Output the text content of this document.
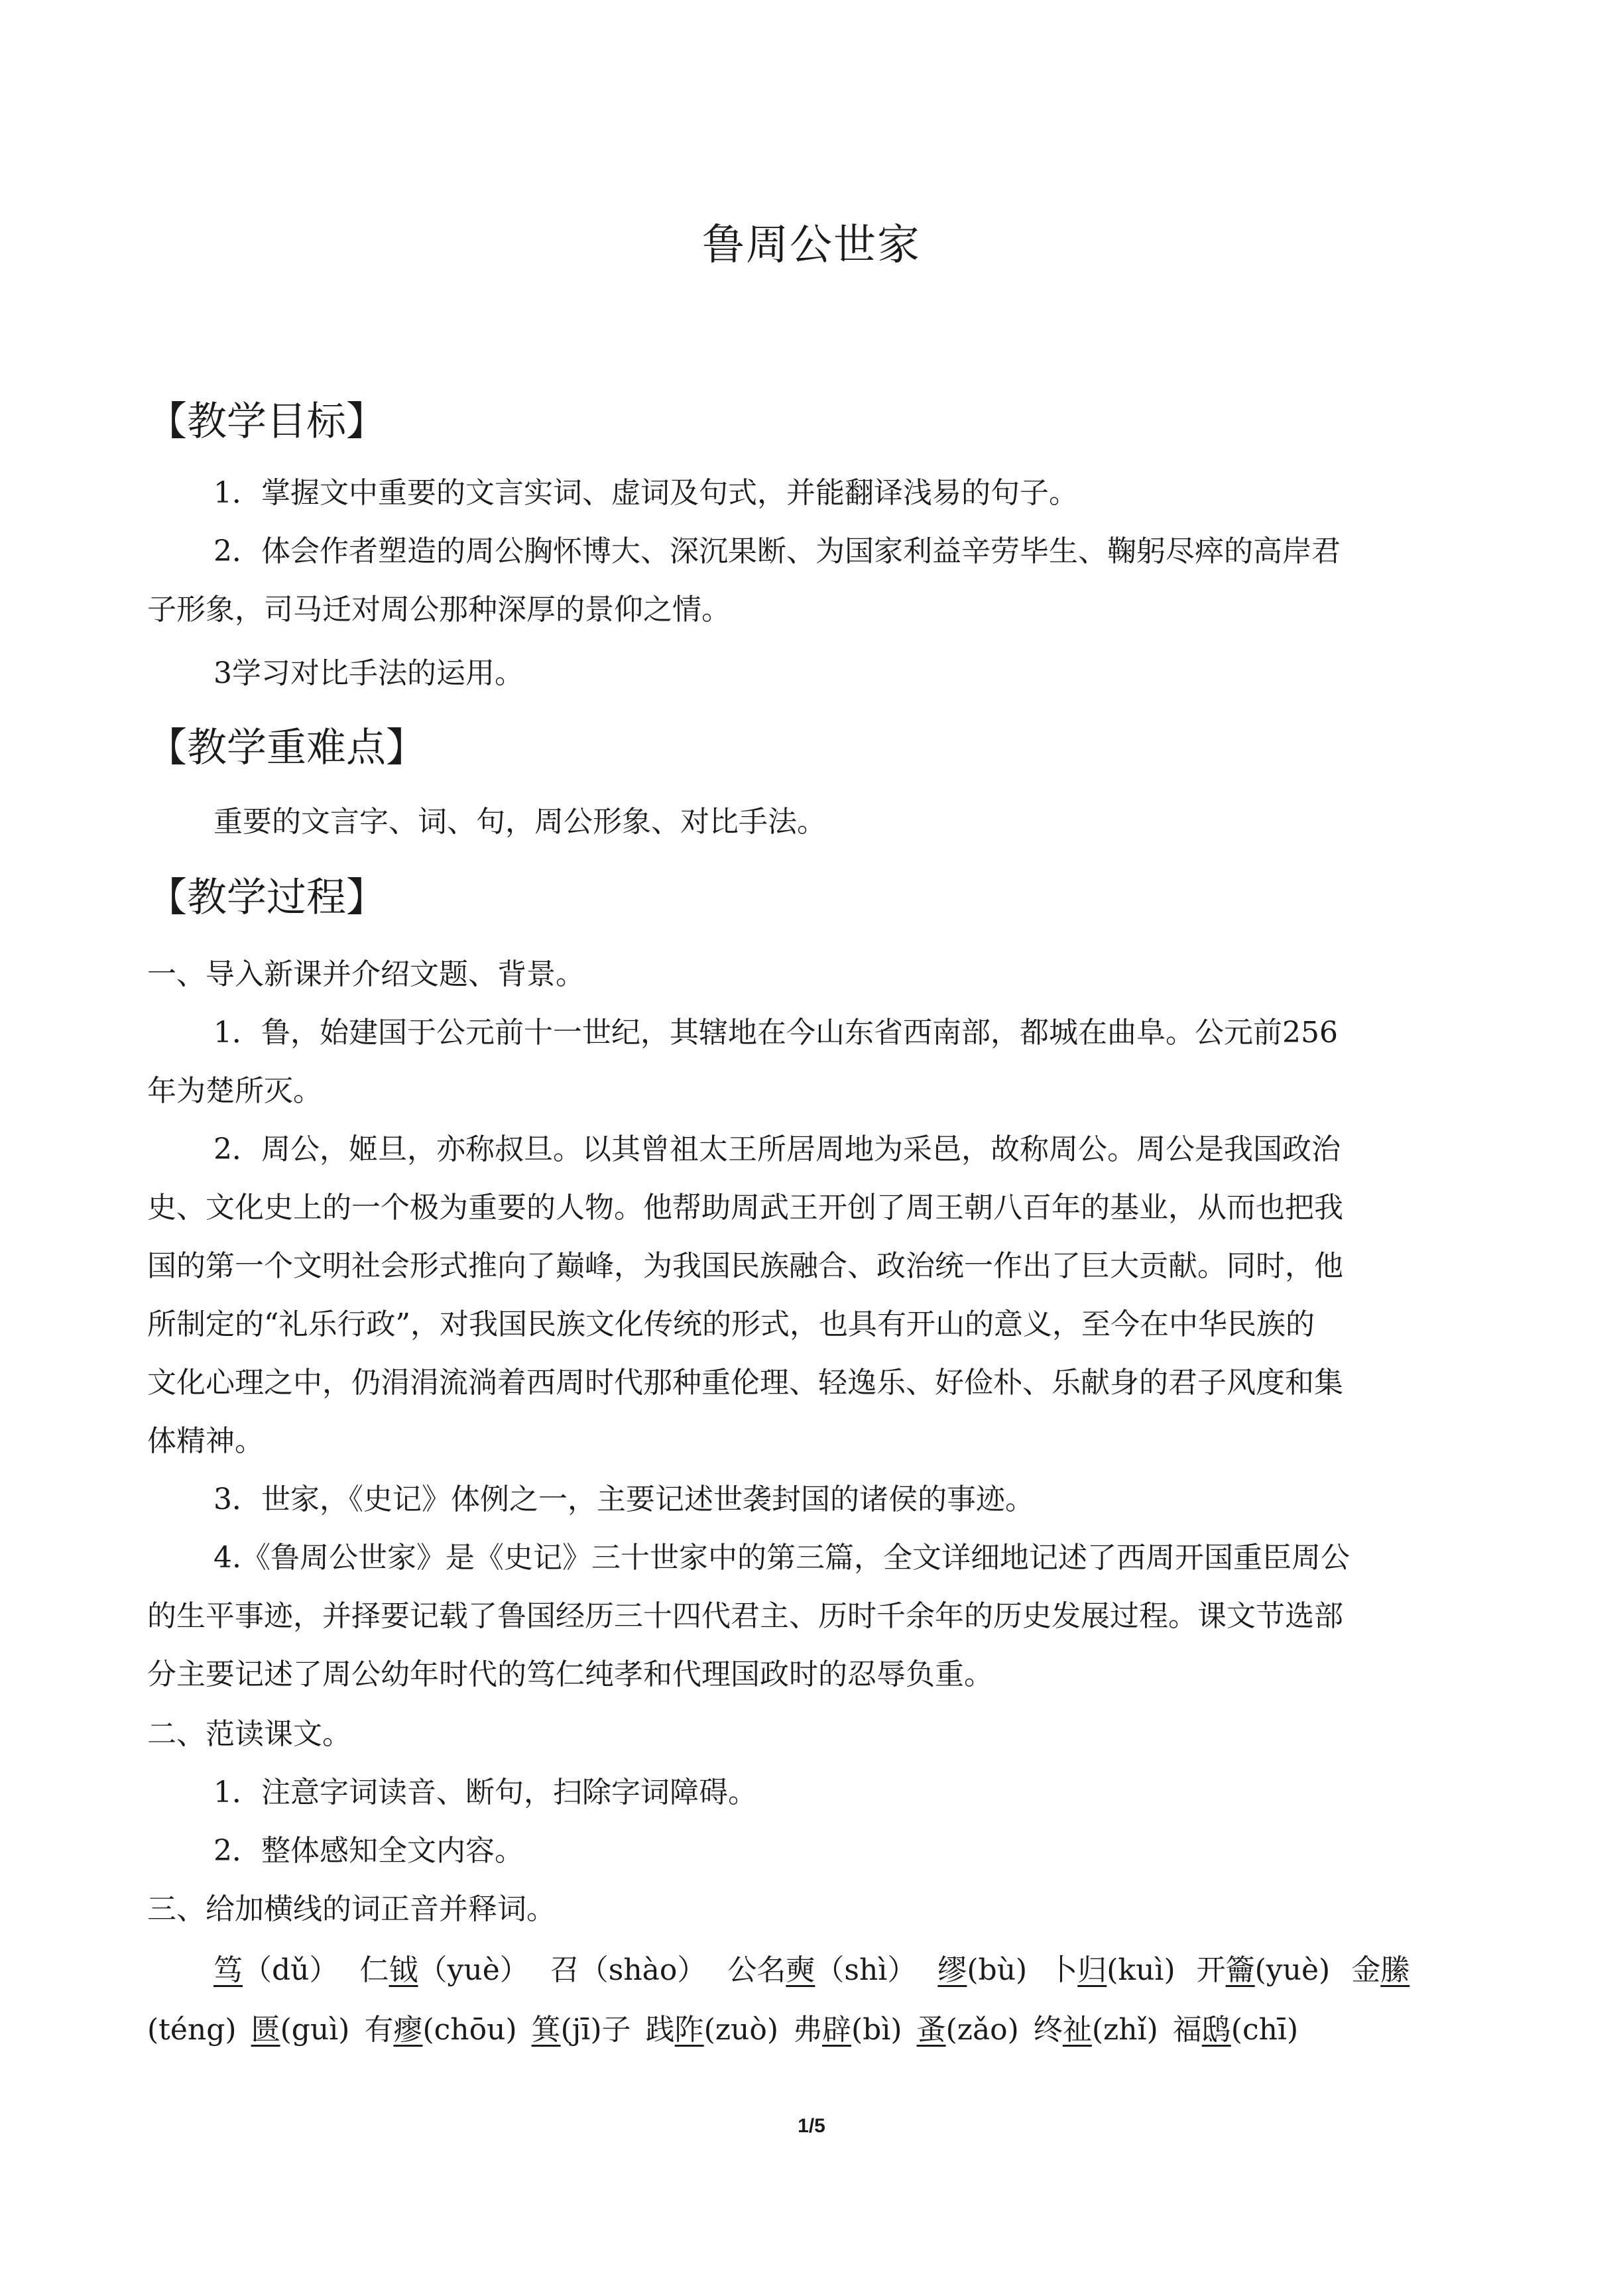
鲁周公世家
【教学目标】
1．掌握文中重要的文言实词、虚词及句式，并能翻译浅易的句子。
2．体会作者塑造的周公胸怀博大、深沉果断、为国家利益辛劳毕生、鞠躬尽瘁的高岸君
子形象，司马迁对周公那种深厚的景仰之情。
3学习对比手法的运用。
【教学重难点】
重要的文言字、词、句，周公形象、对比手法。
【教学过程】
一、导入新课并介绍文题、背景。
1．鲁，始建国于公元前十一世纪，其辖地在今山东省西南部，都城在曲阜。公元前256
年为楚所灭。
2．周公，姬旦，亦称叔旦。以其曾祖太王所居周地为采邑，故称周公。周公是我国政治
史、文化史上的一个极为重要的人物。他帮助周武王开创了周王朝八百年的基业，从而也把我
国的第一个文明社会形式推向了巅峰，为我国民族融合、政治统一作出了巨大贡献。同时，他
所制定的“礼乐行政”，对我国民族文化传统的形式，也具有开山的意义，至今在中华民族的
文化心理之中，仍涓涓流淌着西周时代那种重伦理、轻逸乐、好俭朴、乐献身的君子风度和集
体精神。
3．世家，《史记》体例之一，主要记述世袭封国的诸侯的事迹。
4.《鲁周公世家》是《史记》三十世家中的第三篇，全文详细地记述了西周开国重臣周公
的生平事迹，并择要记载了鲁国经历三十四代君主、历时千余年的历史发展过程。课文节选部
分主要记述了周公幼年时代的笃仁纯孝和代理国政时的忍辱负重。
二、范读课文。
1．注意字词读音、断句，扫除字词障碍。
2．整体感知全文内容。
三、给加横线的词正音并释词。
笃（dǔ） 仁钺（yuè） 召（shào） 公名奭（shì） 缪(bù) 卜归(kuì) 开籥(yuè) 金縢
(téng) 匮(guì) 有瘳(chōu) 箕(jī)子 践阼(zuò) 弗辟(bì) 蚤(zǎo) 终祉(zhǐ) 福鸱(chī)
1/5
